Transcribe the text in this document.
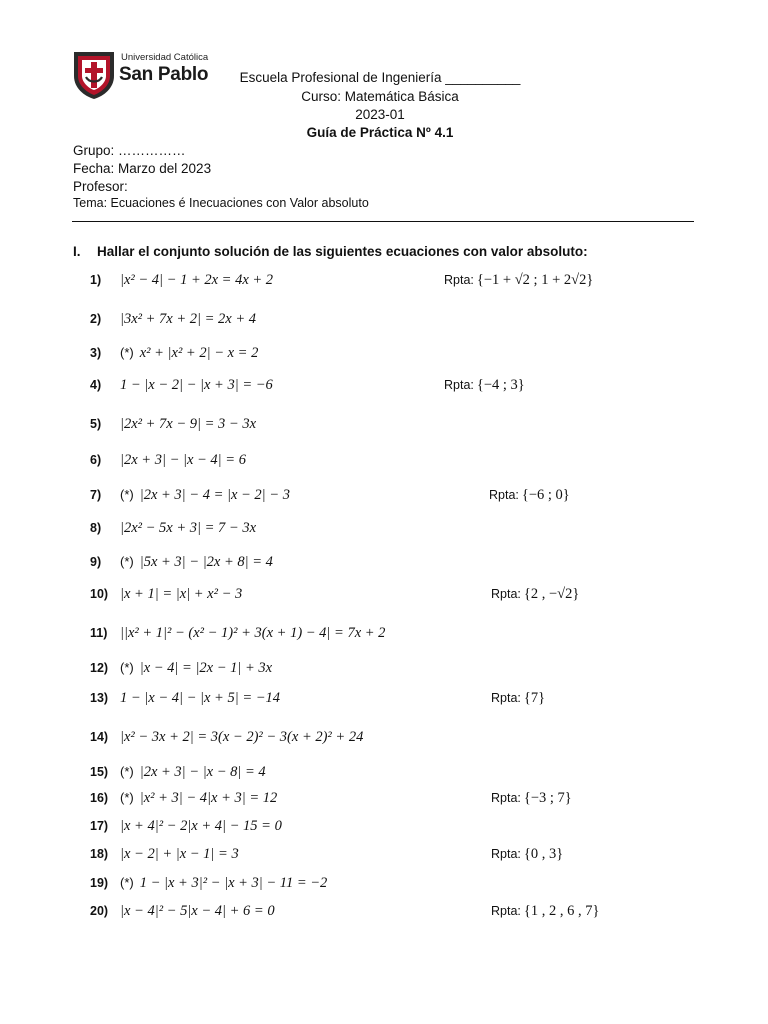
Universidad Católica
San Pablo	Escuela Profesional de Ingeniería __________
Curso: Matemática Básica
2023-01
Guía de Práctica Nº 4.1
Grupo: ……………
Fecha: Marzo del 2023
Profesor:
Tema: Ecuaciones é Inecuaciones con Valor absoluto
I. Hallar el conjunto solución de las siguientes ecuaciones con valor absoluto:
1) |x² − 4| − 1 + 2x = 4x + 2	Rpta: {−1 + √2 ; 1 + 2√2}
2) |3x² + 7x + 2| = 2x + 4
3) (*) x² + |x² + 2| − x = 2
4) 1 − |x − 2| − |x + 3| = −6	Rpta: {−4 ; 3}
5) |2x² + 7x − 9| = 3 − 3x
6) |2x + 3| − |x − 4| = 6
7) (*) |2x + 3| − 4 = |x − 2| − 3	Rpta: {−6 ; 0}
8) |2x² − 5x + 3| = 7 − 3x
9) (*) |5x + 3| − |2x + 8| = 4
10) |x + 1| = |x| + x² − 3	Rpta: {2 , −√2}
11) ||x² + 1|² − (x² − 1)² + 3(x + 1) − 4| = 7x + 2
12) (*) |x − 4| = |2x − 1| + 3x
13) 1 − |x − 4| − |x + 5| = −14	Rpta: {7}
14) |x² − 3x + 2| = 3(x − 2)² − 3(x + 2)² + 24
15) (*) |2x + 3| − |x − 8| = 4
16) (*) |x² + 3| − 4|x + 3| = 12	Rpta: {−3 ; 7}
17) |x + 4|² − 2|x + 4| − 15 = 0
18) |x − 2| + |x − 1| = 3	Rpta: {0 , 3}
19) (*) 1 − |x + 3|² − |x + 3| − 11 = −2
20) |x − 4|² − 5|x − 4| + 6 = 0	Rpta: {1 , 2 , 6 , 7}
